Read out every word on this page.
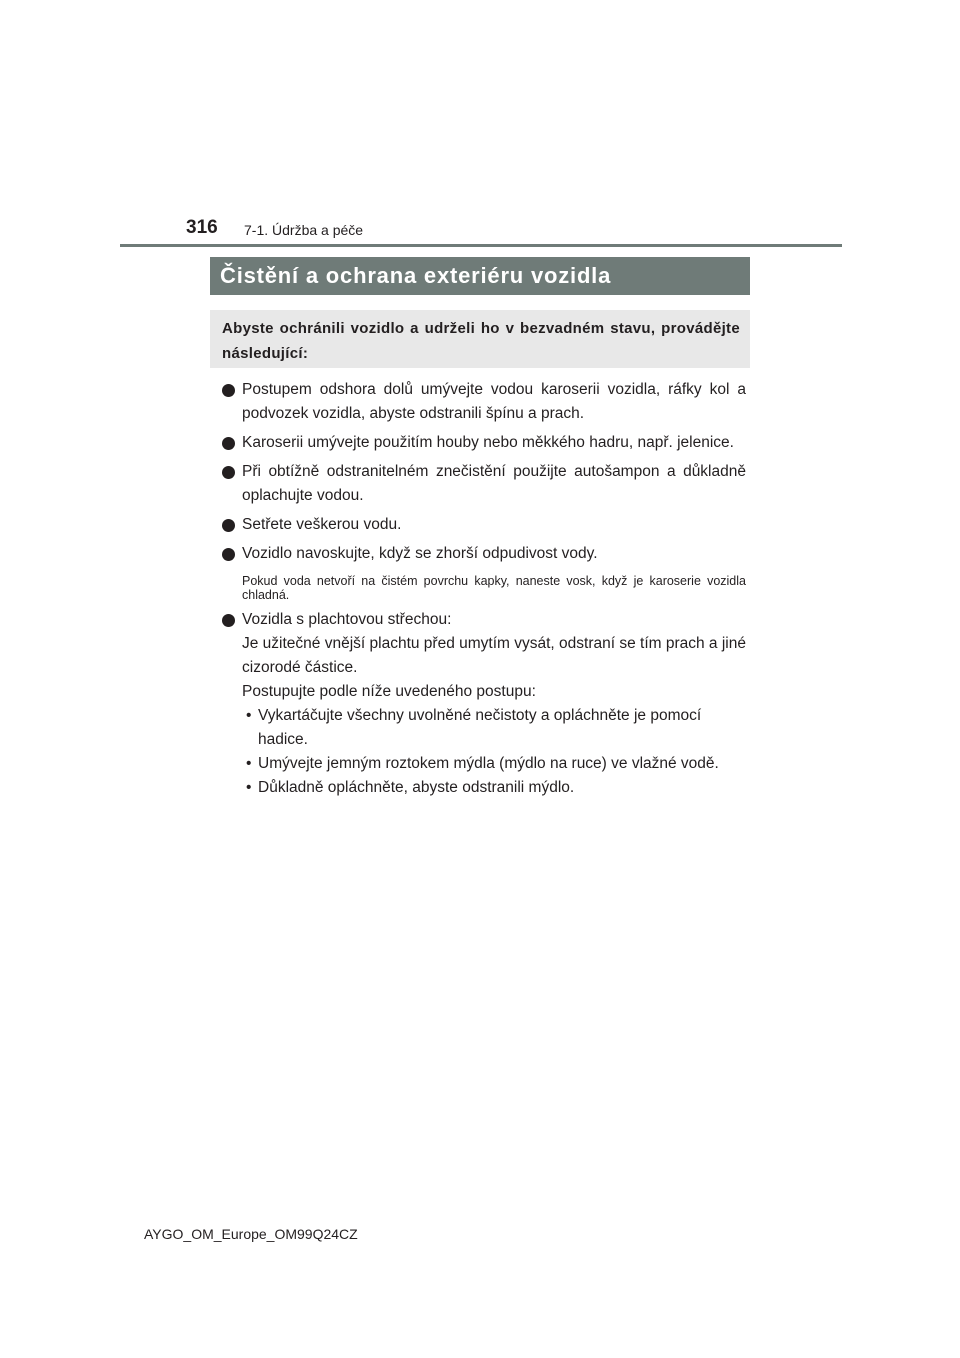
316 7-1. Údržba a péče
Čistění a ochrana exteriéru vozidla
Abyste ochránili vozidlo a udrželi ho v bezvadném stavu, provádějte následující:
Postupem odshora dolů umývejte vodou karoserii vozidla, ráfky kol a podvozek vozidla, abyste odstranili špínu a prach.
Karoserii umývejte použitím houby nebo měkkého hadru, např. jelenice.
Při obtížně odstranitelném znečistění použijte autošampon a důkladně oplachujte vodou.
Setřete veškerou vodu.
Vozidlo navoskujte, když se zhorší odpudivost vody.
Pokud voda netvoří na čistém povrchu kapky, naneste vosk, když je karoserie vozidla chladná.
Vozidla s plachtovou střechou:
Je užitečné vnější plachtu před umytím vysát, odstraní se tím prach a jiné cizorodé částice.
Postupujte podle níže uvedeného postupu:
• Vykartáčujte všechny uvolněné nečistoty a opláchněte je pomocí hadice.
• Umývejte jemným roztokem mýdla (mýdlo na ruce) ve vlažné vodě.
• Důkladně opláchněte, abyste odstranili mýdlo.
AYGO_OM_Europe_OM99Q24CZ
